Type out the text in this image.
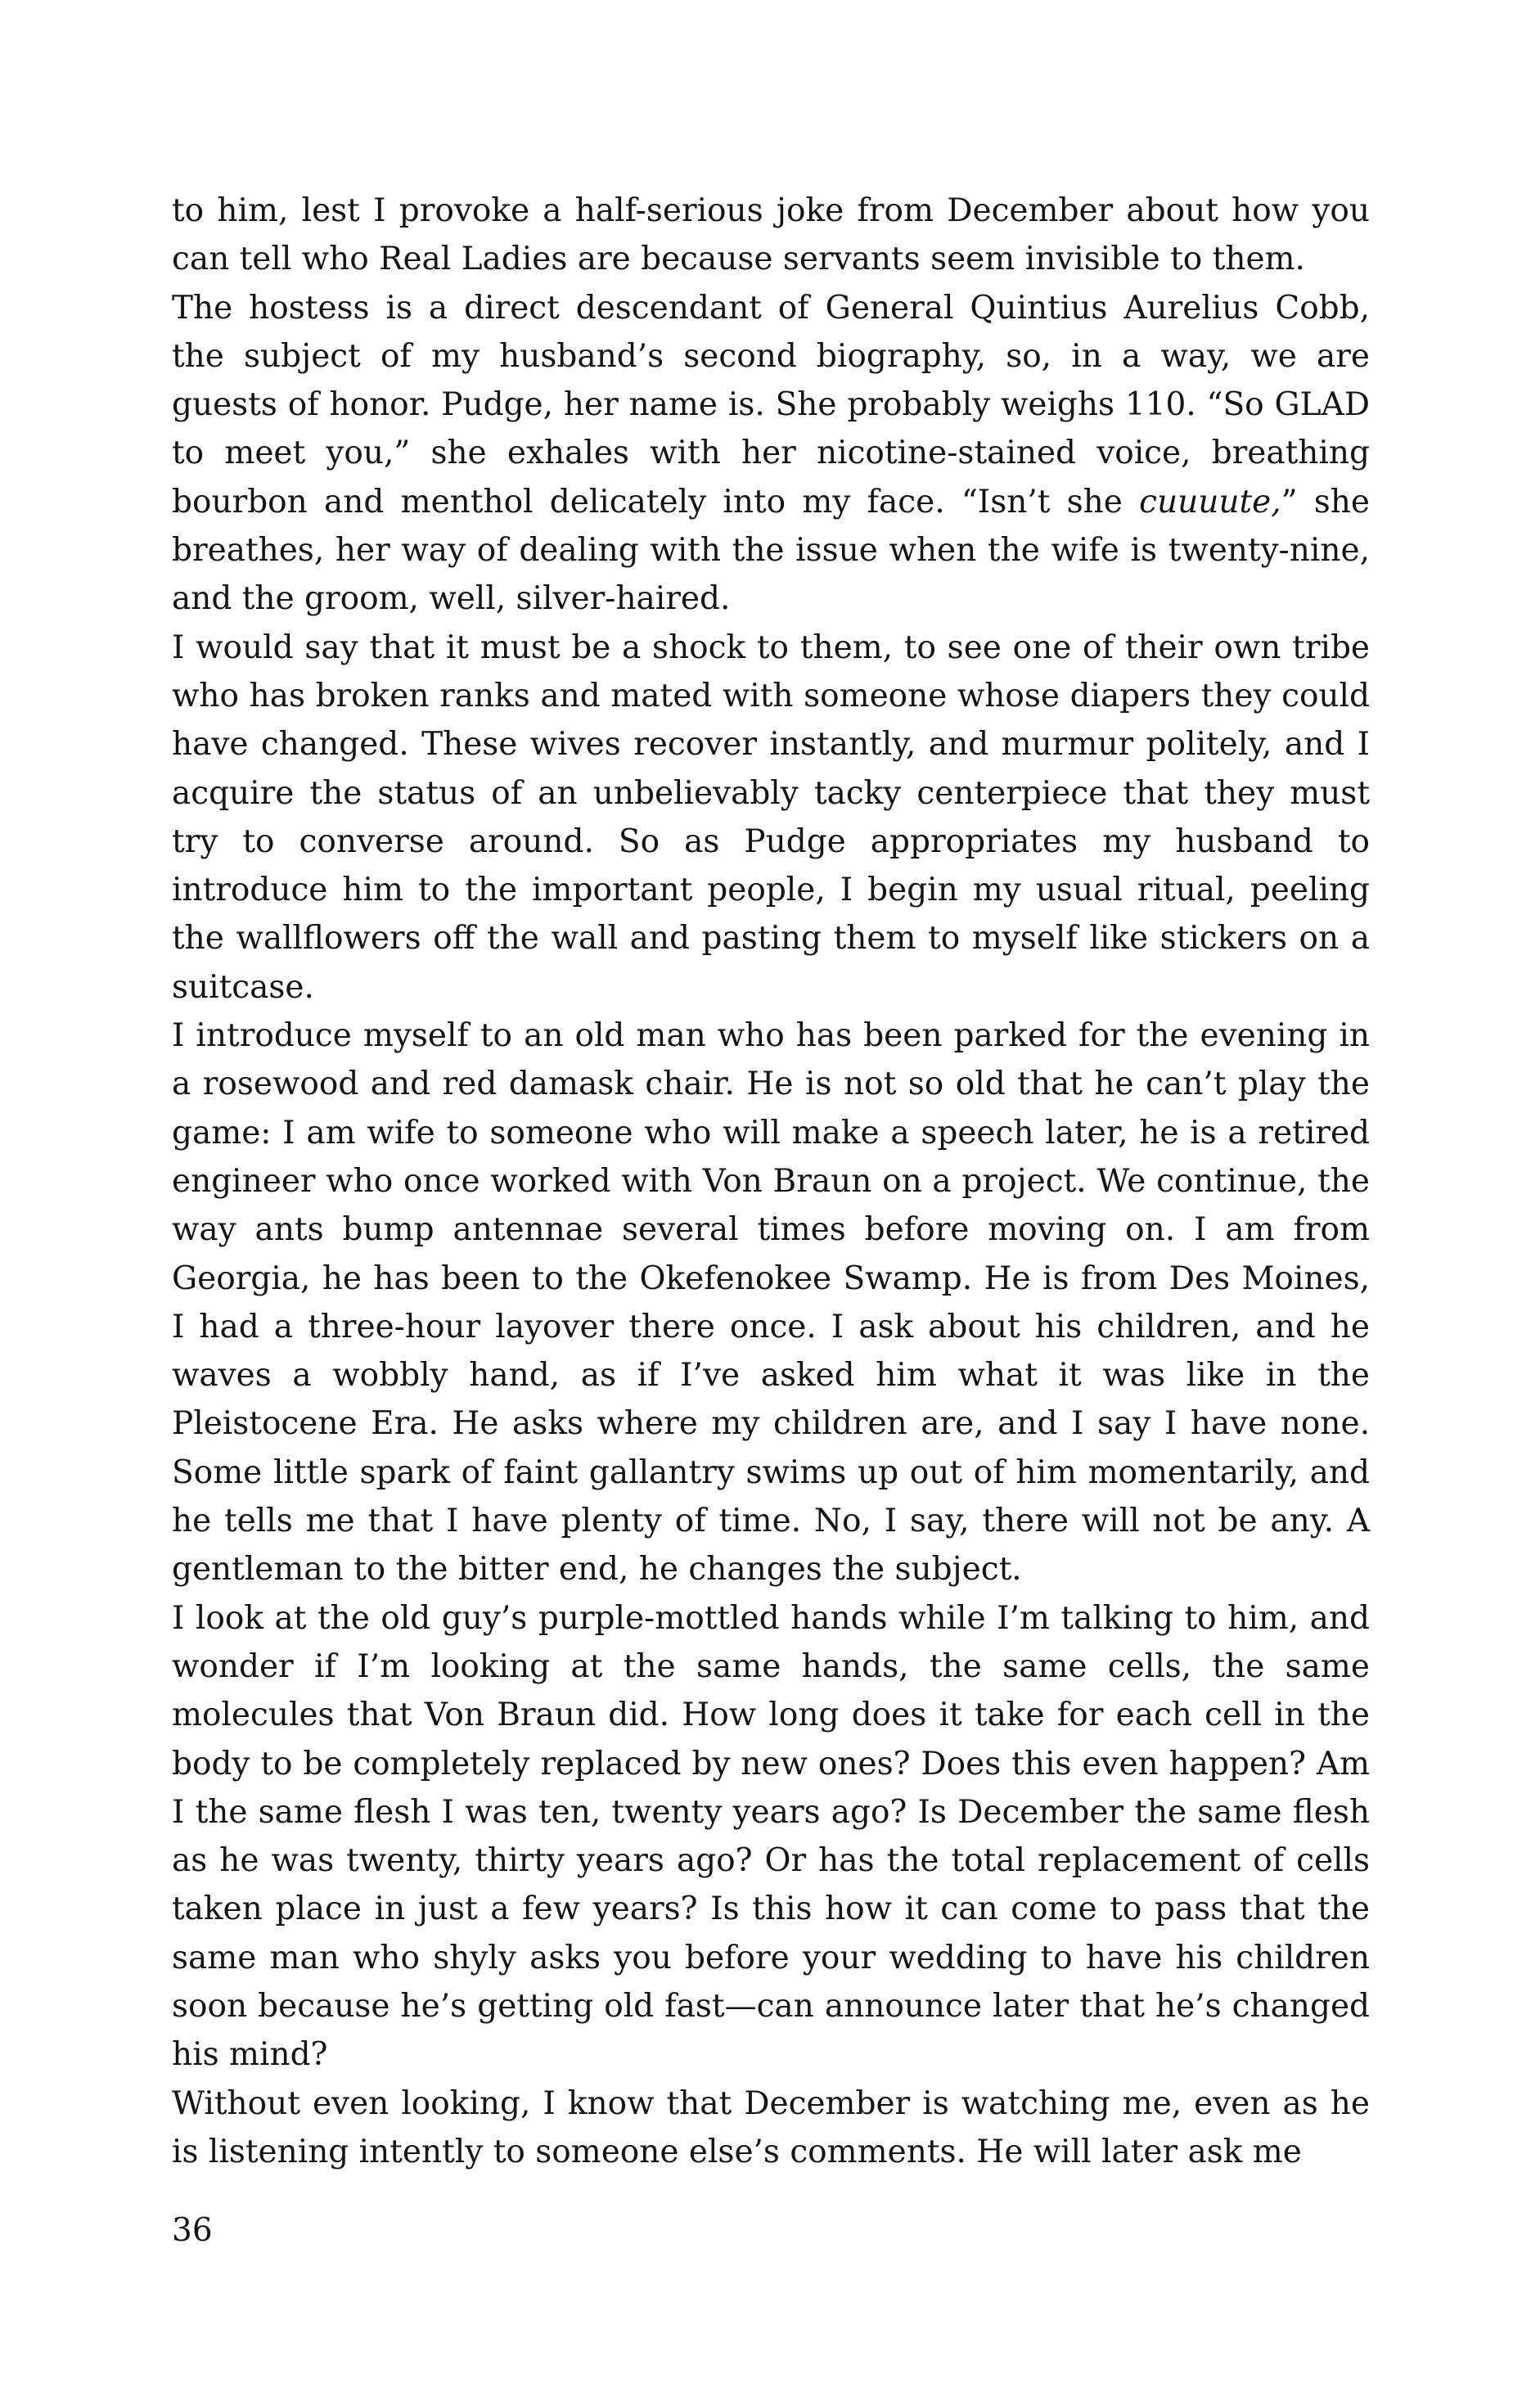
to him, lest I provoke a half-serious joke from December about how you can tell who Real Ladies are because servants seem invisible to them.

The hostess is a direct descendant of General Quintius Aurelius Cobb, the subject of my husband’s second biography, so, in a way, we are guests of honor. Pudge, her name is. She probably weighs 110. “So GLAD to meet you,” she exhales with her nicotine-stained voice, breathing bourbon and menthol delicately into my face. “Isn’t she cuuuute,” she breathes, her way of dealing with the issue when the wife is twenty-nine, and the groom, well, silver-haired.

I would say that it must be a shock to them, to see one of their own tribe who has broken ranks and mated with someone whose diapers they could have changed. These wives recover instantly, and murmur politely, and I acquire the status of an unbelievably tacky centerpiece that they must try to converse around. So as Pudge appropriates my husband to introduce him to the important people, I begin my usual ritual, peeling the wallflowers off the wall and pasting them to myself like stickers on a suitcase.

I introduce myself to an old man who has been parked for the evening in a rosewood and red damask chair. He is not so old that he can’t play the game: I am wife to someone who will make a speech later, he is a retired engineer who once worked with Von Braun on a project. We continue, the way ants bump antennae several times before moving on. I am from Georgia, he has been to the Okefenokee Swamp. He is from Des Moines, I had a three-hour layover there once. I ask about his children, and he waves a wobbly hand, as if I’ve asked him what it was like in the Pleistocene Era. He asks where my children are, and I say I have none. Some little spark of faint gallantry swims up out of him momentarily, and he tells me that I have plenty of time. No, I say, there will not be any. A gentleman to the bitter end, he changes the subject.

I look at the old guy’s purple-mottled hands while I’m talking to him, and wonder if I’m looking at the same hands, the same cells, the same molecules that Von Braun did. How long does it take for each cell in the body to be completely replaced by new ones? Does this even happen? Am I the same flesh I was ten, twenty years ago? Is December the same flesh as he was twenty, thirty years ago? Or has the total replacement of cells taken place in just a few years? Is this how it can come to pass that the same man who shyly asks you before your wedding to have his children soon because he’s getting old fast—can announce later that he’s changed his mind?

Without even looking, I know that December is watching me, even as he is listening intently to someone else’s comments. He will later ask me

36
